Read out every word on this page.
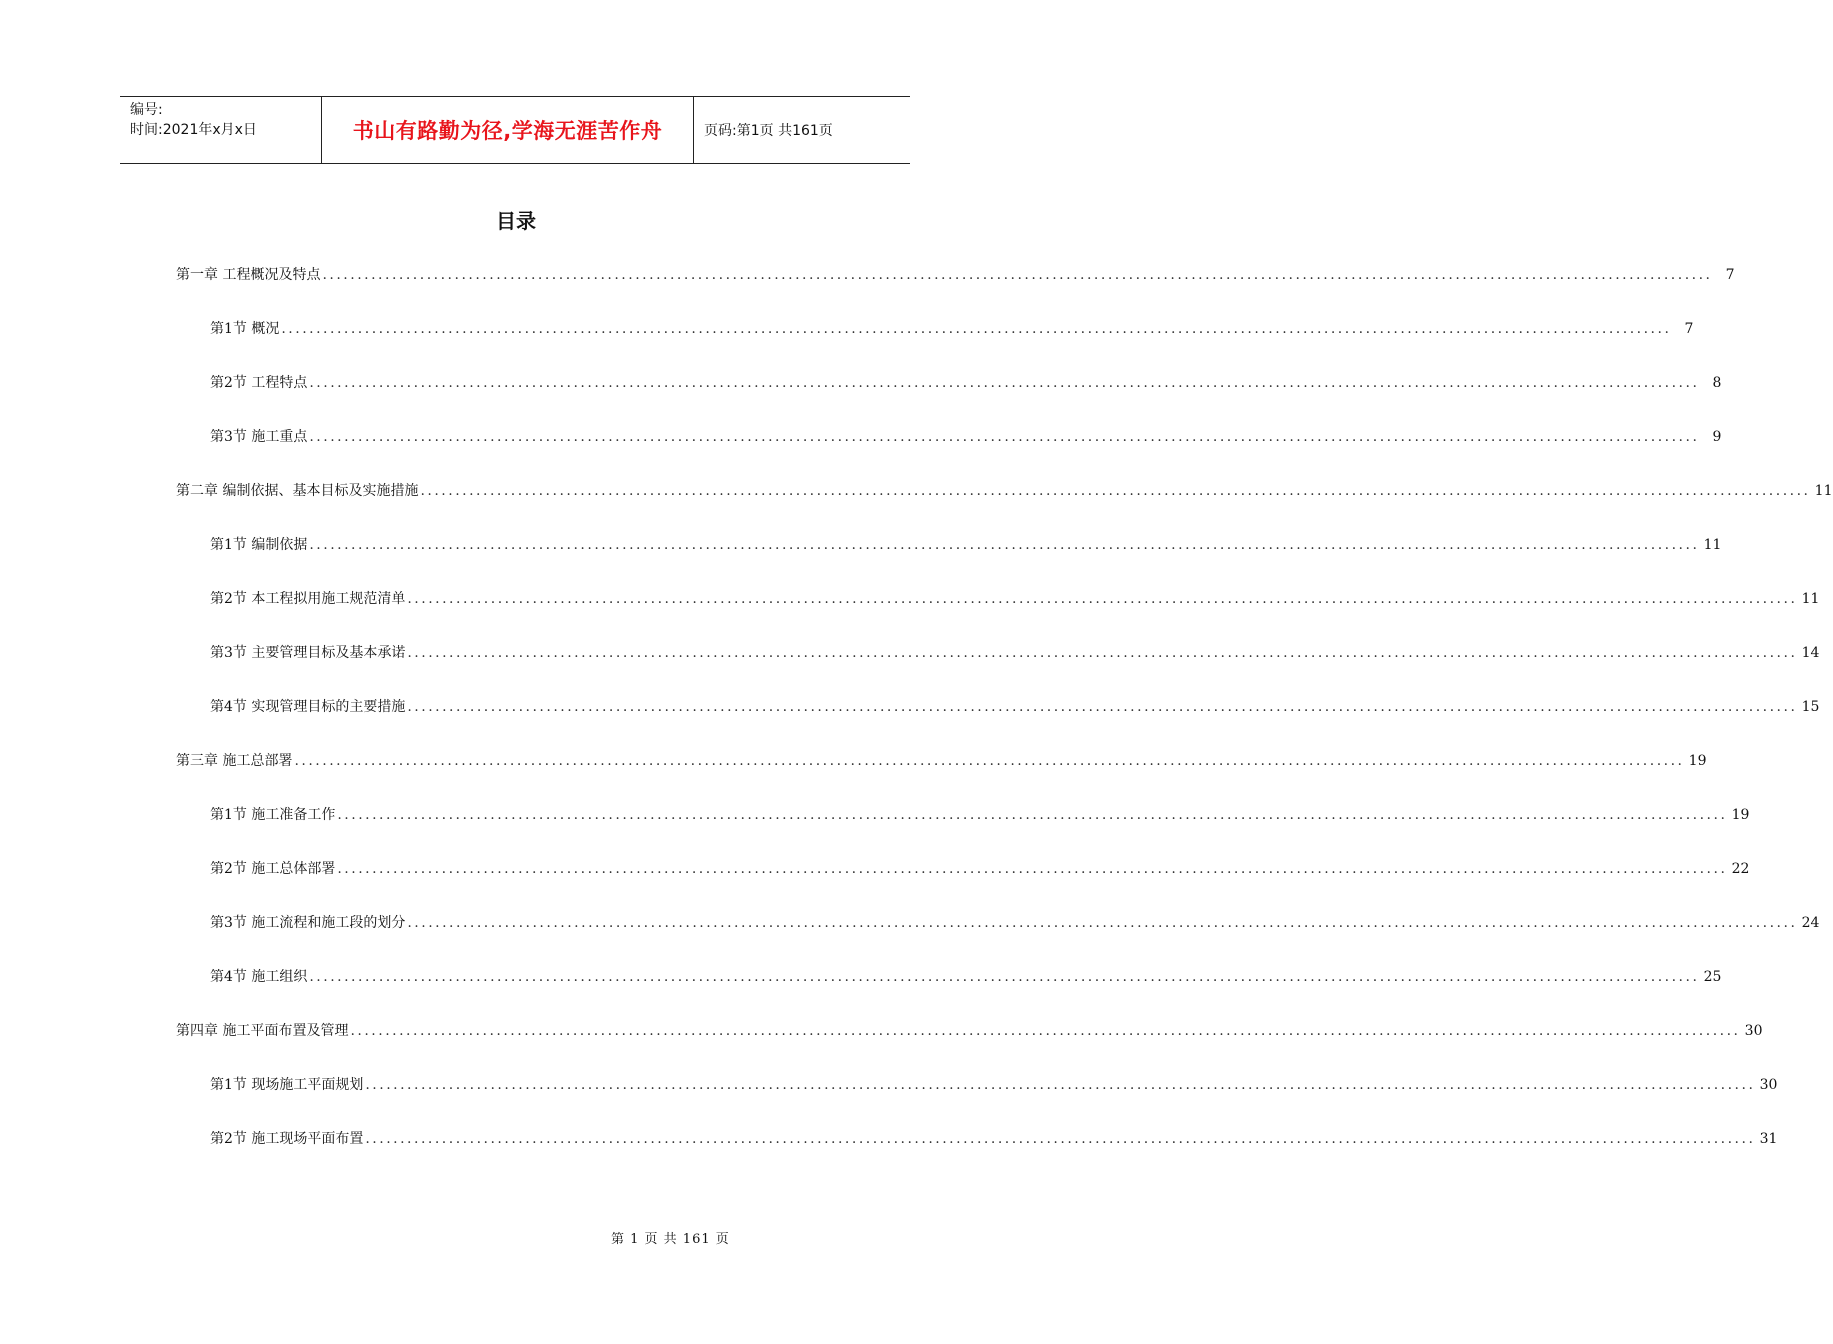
编号:
时间:2021年x月x日	书山有路勤为径,学海无涯苦作舟	页码:第1页 共161页
目录
第一章 工程概况及特点 ........................................................................................................................................................................................................ 7
第1节 概况 ........................................................................................................................................................................................................ 7
第2节 工程特点 ........................................................................................................................................................................................................ 8
第3节 施工重点 ........................................................................................................................................................................................................ 9
第二章 编制依据、基本目标及实施措施 ........................................................................................................................................................................................................ 11
第1节 编制依据 ........................................................................................................................................................................................................ 11
第2节 本工程拟用施工规范清单 ........................................................................................................................................................................................................ 11
第3节 主要管理目标及基本承诺 ........................................................................................................................................................................................................ 14
第4节 实现管理目标的主要措施 ........................................................................................................................................................................................................ 15
第三章 施工总部署 ........................................................................................................................................................................................................ 19
第1节 施工准备工作 ........................................................................................................................................................................................................ 19
第2节 施工总体部署 ........................................................................................................................................................................................................ 22
第3节 施工流程和施工段的划分 ........................................................................................................................................................................................................ 24
第4节 施工组织 ........................................................................................................................................................................................................ 25
第四章 施工平面布置及管理 ........................................................................................................................................................................................................ 30
第1节 现场施工平面规划 ........................................................................................................................................................................................................ 30
第2节 施工现场平面布置 ........................................................................................................................................................................................................ 31
第 1 页 共 161 页
